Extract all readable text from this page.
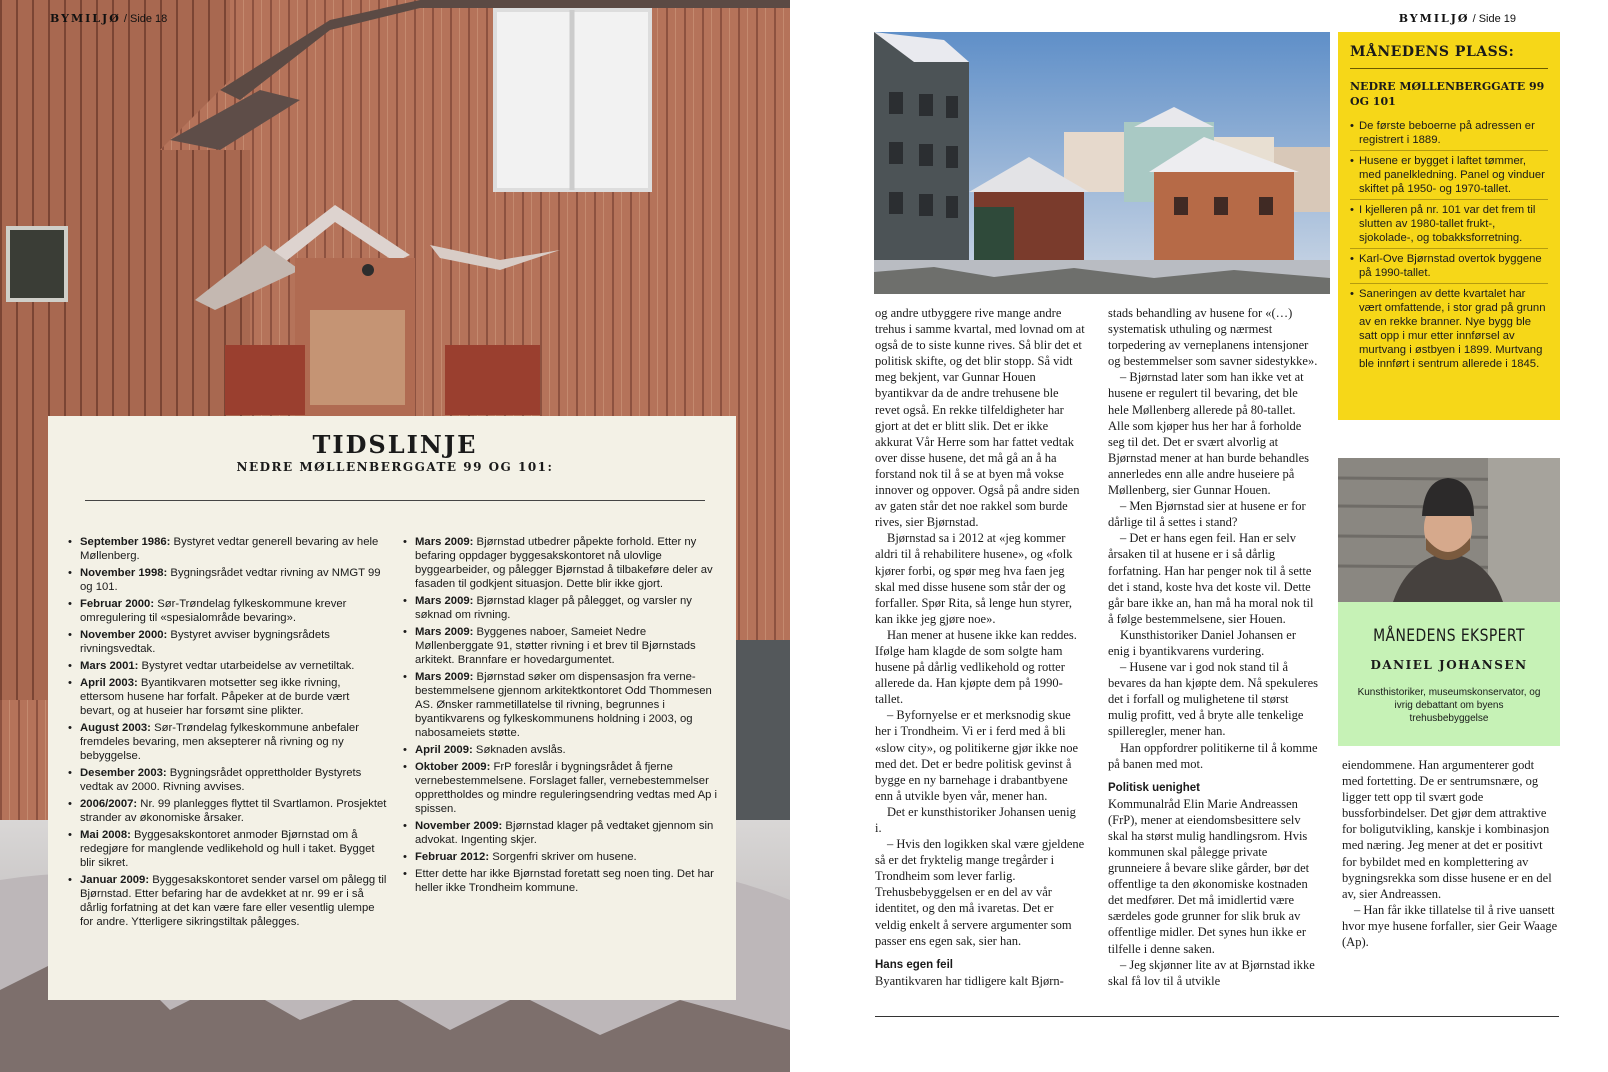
BYMILJØ / Side 18
TIDSLINJE
NEDRE MØLLENBERGGATE 99 OG 101:
• September 1986: Bystyret vedtar generell bevaring av hele Møllenberg.
• November 1998: Bygningsrådet vedtar rivning av NMGT 99 og 101.
• Februar 2000: Sør-Trøndelag fylkeskommune krever omregulering til «spesialområde bevaring».
• November 2000: Bystyret avviser bygningsrådets rivningsvedtak.
• Mars 2001: Bystyret vedtar utarbeidelse av vernetiltak.
• April 2003: Byantikvaren motsetter seg ikke rivning, ettersom husene har forfalt. Påpeker at de burde vært bevart, og at huseier har forsømt sine plikter.
• August 2003: Sør-Trøndelag fylkeskommune anbefaler fremdeles bevaring, men aksepterer nå rivning og ny bebyggelse.
• Desember 2003: Bygningsrådet opprettholder Bystyrets vedtak av 2000. Rivning avvises.
• 2006/2007: Nr. 99 planlegges flyttet til Svartlamon. Prosjektet strander av økonomiske årsaker.
• Mai 2008: Byggesakskontoret anmoder Bjørnstad om å redegjøre for manglende vedlikehold og hull i taket. Bygget blir sikret.
• Januar 2009: Byggesakskontoret sender varsel om pålegg til Bjørnstad. Etter befaring har de avdekket at nr. 99 er i så dårlig forfatning at det kan være fare eller vesentlig ulempe for andre. Ytterligere sikringstiltak pålegges.
• Mars 2009: Bjørnstad utbedrer påpekte forhold. Etter ny befaring oppdager byggesakskontoret nå ulovlige byggearbeider, og pålegger Bjørnstad å tilbakeføre deler av fasaden til godkjent situasjon. Dette blir ikke gjort.
• Mars 2009: Bjørnstad klager på pålegget, og varsler ny søknad om rivning.
• Mars 2009: Byggenes naboer, Sameiet Nedre Møllenberggate 91, støtter rivning i et brev til Bjørnstads arkitekt. Brannfare er hovedargumentet.
• Mars 2009: Bjørnstad søker om dispensasjon fra verne-bestemmelsene gjennom arkitektkontoret Odd Thommesen AS. Ønsker rammetillatelse til rivning, begrunnes i byantikvarens og fylkeskommunens holdning i 2003, og nabosameiets støtte.
• April 2009: Søknaden avslås.
• Oktober 2009: FrP foreslår i bygningsrådet å fjerne vernebestemmelsene. Forslaget faller, vernebestemmelser opprettholdes og mindre reguleringsendring vedtas med Ap i spissen.
• November 2009: Bjørnstad klager på vedtaket gjennom sin advokat. Ingenting skjer.
• Februar 2012: Sorgenfri skriver om husene.
• Etter dette har ikke Bjørnstad foretatt seg noen ting. Det har heller ikke Trondheim kommune.
BYMILJØ / Side 19

og andre utbyggere rive mange andre trehus i samme kvartal, med lovnad om at også de to siste kunne rives. Så blir det et politisk skifte, og det blir stopp. Så vidt meg bekjent, var Gunnar Houen byantikvar da de andre trehusene ble revet også. En rekke tilfeldigheter har gjort at det er blitt slik. Det er ikke akkurat Vår Herre som har fattet vedtak over disse husene, det må gå an å ha forstand nok til å se at byen må vokse innover og oppover. Også på andre siden av gaten står det noe rakkel som burde rives, sier Bjørnstad.

Bjørnstad sa i 2012 at «jeg kommer aldri til å rehabilitere husene», og «folk kjører forbi, og spør meg hva faen jeg skal med disse husene som står der og forfaller. Spør Rita, så lenge hun styrer, kan ikke jeg gjøre noe».

Han mener at husene ikke kan reddes. Ifølge ham klagde de som solgte ham husene på dårlig vedlikehold og rotter allerede da. Han kjøpte dem på 1990-tallet.

– Byfornyelse er et merksnodig skue her i Trondheim. Vi er i ferd med å bli «slow city», og politikerne gjør ikke noe med det. Det er bedre politisk gevinst å bygge en ny barnehage i drabantbyene enn å utvikle byen vår, mener han.

Det er kunsthistoriker Johansen uenig i.

– Hvis den logikken skal være gjeldene så er det fryktelig mange tregårder i Trondheim som lever farlig. Trehusbebyggelsen er en del av vår identitet, og den må ivaretas. Det er veldig enkelt å servere argumenter som passer ens egen sak, sier han.

Hans egen feil

Byantikvaren har tidligere kalt Bjørn-

stads behandling av husene for «(…) systematisk uthuling og nærmest torpedering av verneplanens intensjoner og bestemmelser som savner sidestykke».

– Bjørnstad later som han ikke vet at husene er regulert til bevaring, det ble hele Møllenberg allerede på 80-tallet. Alle som kjøper hus her har å forholde seg til det. Det er svært alvorlig at Bjørnstad mener at han burde behandles annerledes enn alle andre huseiere på Møllenberg, sier Gunnar Houen.

– Men Bjørnstad sier at husene er for dårlige til å settes i stand?

– Det er hans egen feil. Han er selv årsaken til at husene er i så dårlig forfatning. Han har penger nok til å sette det i stand, koste hva det koste vil. Dette går bare ikke an, han må ha moral nok til å følge bestemmelsene, sier Houen.

Kunsthistoriker Daniel Johansen er enig i byantikvarens vurdering.

– Husene var i god nok stand til å bevares da han kjøpte dem. Nå spekuleres det i forfall og mulighetene til størst mulig profitt, ved å bryte alle tenkelige spilleregler, mener han.

Han oppfordrer politikerne til å komme på banen med mot.

Politisk uenighet

Kommunalråd Elin Marie Andreassen (FrP), mener at eiendomsbesittere selv skal ha størst mulig handlingsrom. Hvis kommunen skal pålegge private grunneiere å bevare slike gårder, bør det offentlige ta den økonomiske kostnaden det medfører. Det må imidlertid være særdeles gode grunner for slik bruk av offentlige midler. Det synes hun ikke er tilfelle i denne saken.

– Jeg skjønner lite av at Bjørnstad ikke skal få lov til å utvikle

eiendommene. Han argumenterer godt med fortetting. De er sentrumsnære, og ligger tett opp til svært gode bussforbindelser. Det gjør dem attraktive for boligutvikling, kanskje i kombinasjon med næring. Jeg mener at det er positivt for bybildet med en komplettering av bygningsrekka som disse husene er en del av, sier Andreassen.

– Han får ikke tillatelse til å rive uansett hvor mye husene forfaller, sier Geir Waage (Ap).

MÅNEDENS PLASS:
NEDRE MØLLENBERGGATE 99 OG 101
• De første beboerne på adressen er registrert i 1889.
• Husene er bygget i laftet tømmer, med panelkledning. Panel og vinduer skiftet på 1950- og 1970-tallet.
• I kjelleren på nr. 101 var det frem til slutten av 1980-tallet frukt-, sjokolade-, og tobakksforretning.
• Karl-Ove Bjørnstad overtok byggene på 1990-tallet.
• Saneringen av dette kvartalet har vært omfattende, i stor grad på grunn av en rekke branner. Nye bygg ble satt opp i mur etter innførsel av murtvang i østbyen i 1899. Murtvang ble innført i sentrum allerede i 1845.
MÅNEDENS EKSPERT
DANIEL JOHANSEN
Kunsthistoriker, museumskonservator, og ivrig debattant om byens trehusbebyggelse
